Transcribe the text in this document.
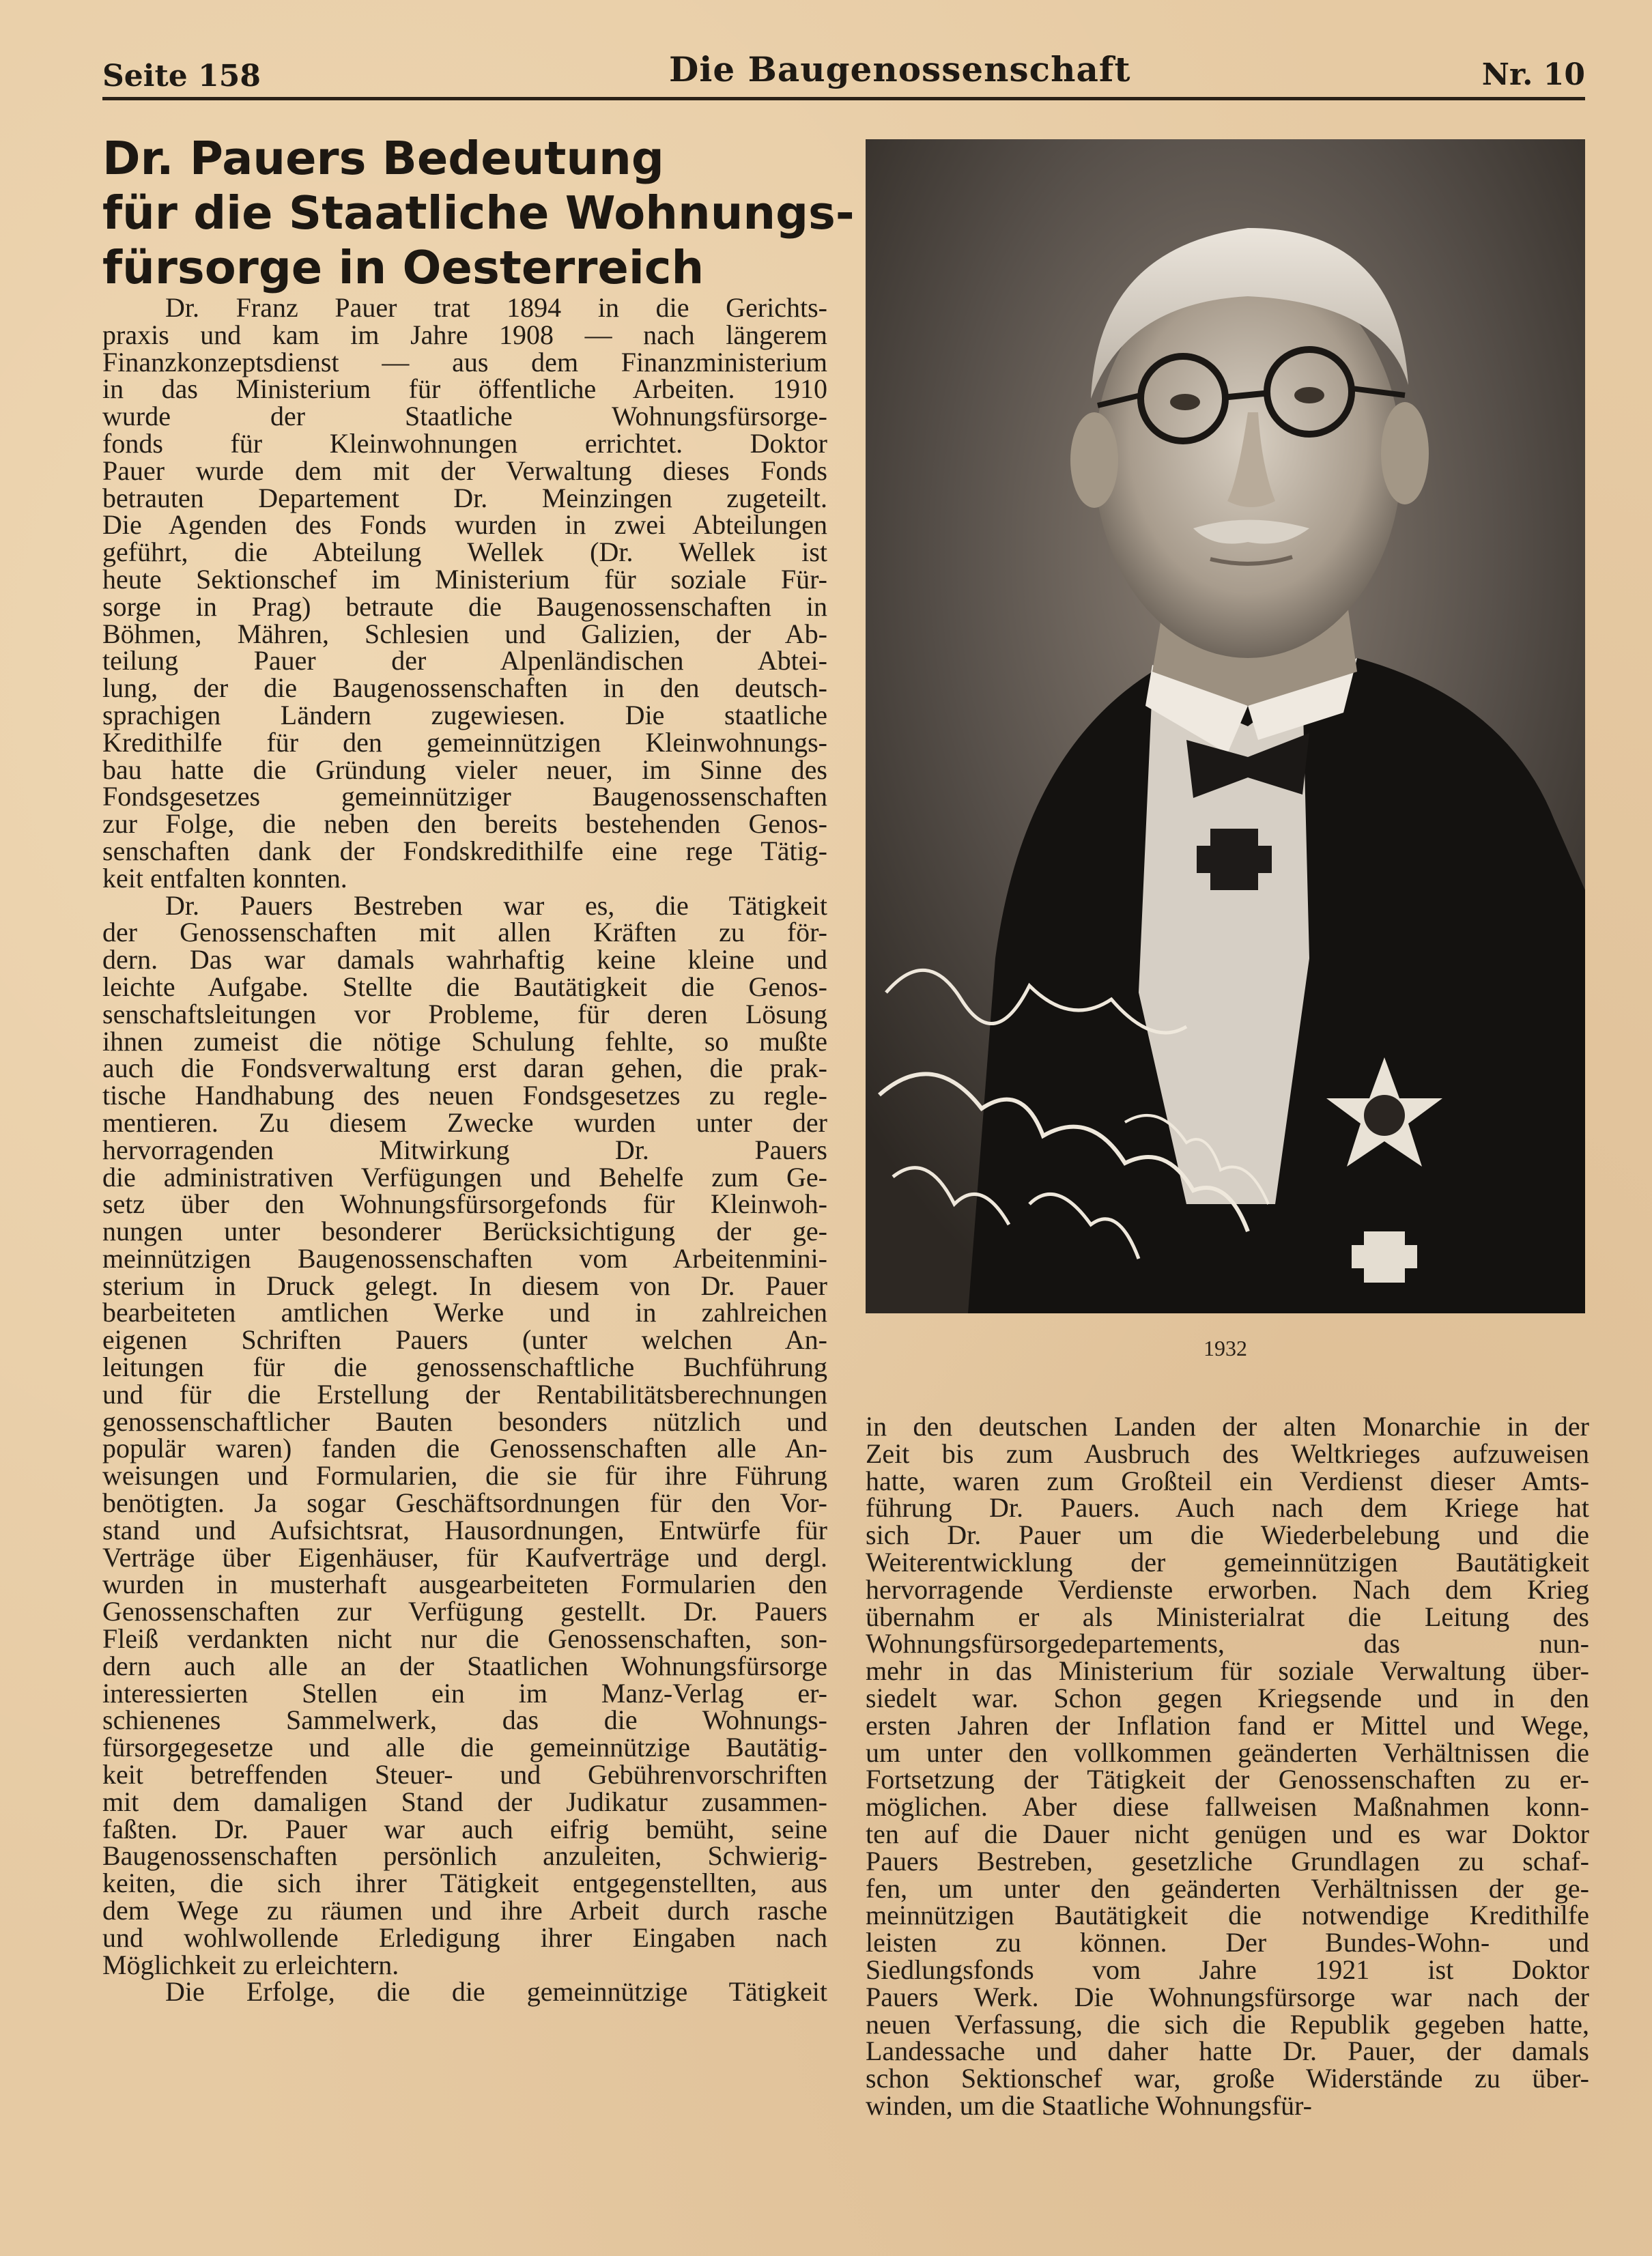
Seite 158	Die Baugenossenschaft	Nr. 10
Dr. Pauers Bedeutung
für die Staatliche Wohnungs-
fürsorge in Oesterreich
Dr. Franz Pauer trat 1894 in die Gerichts-
praxis und kam im Jahre 1908 — nach längerem
Finanzkonzeptsdienst — aus dem Finanzministerium
in das Ministerium für öffentliche Arbeiten. 1910
wurde der Staatliche Wohnungsfürsorge-
fonds für Kleinwohnungen errichtet. Doktor
Pauer wurde dem mit der Verwaltung dieses Fonds
betrauten Departement Dr. Meinzingen zugeteilt.
Die Agenden des Fonds wurden in zwei Abteilungen
geführt, die Abteilung Wellek (Dr. Wellek ist
heute Sektionschef im Ministerium für soziale Für-
sorge in Prag) betraute die Baugenossenschaften in
Böhmen, Mähren, Schlesien und Galizien, der Ab-
teilung Pauer der Alpenländischen Abtei-
lung, der die Baugenossenschaften in den deutsch-
sprachigen Ländern zugewiesen. Die staatliche
Kredithilfe für den gemeinnützigen Kleinwohnungs-
bau hatte die Gründung vieler neuer, im Sinne des
Fondsgesetzes gemeinnütziger Baugenossenschaften
zur Folge, die neben den bereits bestehenden Genos-
senschaften dank der Fondskredithilfe eine rege Tätig-
keit entfalten konnten.
Dr. Pauers Bestreben war es, die Tätigkeit
der Genossenschaften mit allen Kräften zu för-
dern. Das war damals wahrhaftig keine kleine und
leichte Aufgabe. Stellte die Bautätigkeit die Genos-
senschaftsleitungen vor Probleme, für deren Lösung
ihnen zumeist die nötige Schulung fehlte, so mußte
auch die Fondsverwaltung erst daran gehen, die prak-
tische Handhabung des neuen Fondsgesetzes zu regle-
mentieren. Zu diesem Zwecke wurden unter der
hervorragenden Mitwirkung Dr. Pauers
die administrativen Verfügungen und Behelfe zum Ge-
setz über den Wohnungsfürsorgefonds für Kleinwoh-
nungen unter besonderer Berücksichtigung der ge-
meinnützigen Baugenossenschaften vom Arbeitenmini-
sterium in Druck gelegt. In diesem von Dr. Pauer
bearbeiteten amtlichen Werke und in zahlreichen
eigenen Schriften Pauers (unter welchen An-
leitungen für die genossenschaftliche Buchführung
und für die Erstellung der Rentabilitätsberechnungen
genossenschaftlicher Bauten besonders nützlich und
populär waren) fanden die Genossenschaften alle An-
weisungen und Formularien, die sie für ihre Führung
benötigten. Ja sogar Geschäftsordnungen für den Vor-
stand und Aufsichtsrat, Hausordnungen, Entwürfe für
Verträge über Eigenhäuser, für Kaufverträge und dergl.
wurden in musterhaft ausgearbeiteten Formularien den
Genossenschaften zur Verfügung gestellt. Dr. Pauers
Fleiß verdankten nicht nur die Genossenschaften, son-
dern auch alle an der Staatlichen Wohnungsfürsorge
interessierten Stellen ein im Manz-Verlag er-
schienenes Sammelwerk, das die Wohnungs-
fürsorgegesetze und alle die gemeinnützige Bautätig-
keit betreffenden Steuer- und Gebührenvorschriften
mit dem damaligen Stand der Judikatur zusammen-
faßten. Dr. Pauer war auch eifrig bemüht, seine
Baugenossenschaften persönlich anzuleiten, Schwierig-
keiten, die sich ihrer Tätigkeit entgegenstellten, aus
dem Wege zu räumen und ihre Arbeit durch rasche
und wohlwollende Erledigung ihrer Eingaben nach
Möglichkeit zu erleichtern.
Die Erfolge, die die gemeinnützige Tätigkeit
1932
in den deutschen Landen der alten Monarchie in der
Zeit bis zum Ausbruch des Weltkrieges aufzuweisen
hatte, waren zum Großteil ein Verdienst dieser Amts-
führung Dr. Pauers. Auch nach dem Kriege hat
sich Dr. Pauer um die Wiederbelebung und die
Weiterentwicklung der gemeinnützigen Bautätigkeit
hervorragende Verdienste erworben. Nach dem Krieg
übernahm er als Ministerialrat die Leitung des
Wohnungsfürsorgedepartements, das nun-
mehr in das Ministerium für soziale Verwaltung über-
siedelt war. Schon gegen Kriegsende und in den
ersten Jahren der Inflation fand er Mittel und Wege,
um unter den vollkommen geänderten Verhältnissen die
Fortsetzung der Tätigkeit der Genossenschaften zu er-
möglichen. Aber diese fallweisen Maßnahmen konn-
ten auf die Dauer nicht genügen und es war Doktor
Pauers Bestreben, gesetzliche Grundlagen zu schaf-
fen, um unter den geänderten Verhältnissen der ge-
meinnützigen Bautätigkeit die notwendige Kredithilfe
leisten zu können. Der Bundes-Wohn- und
Siedlungsfonds vom Jahre 1921 ist Doktor
Pauers Werk. Die Wohnungsfürsorge war nach der
neuen Verfassung, die sich die Republik gegeben hatte,
Landessache und daher hatte Dr. Pauer, der damals
schon Sektionschef war, große Widerstände zu über-
winden, um die Staatliche Wohnungsfür-
